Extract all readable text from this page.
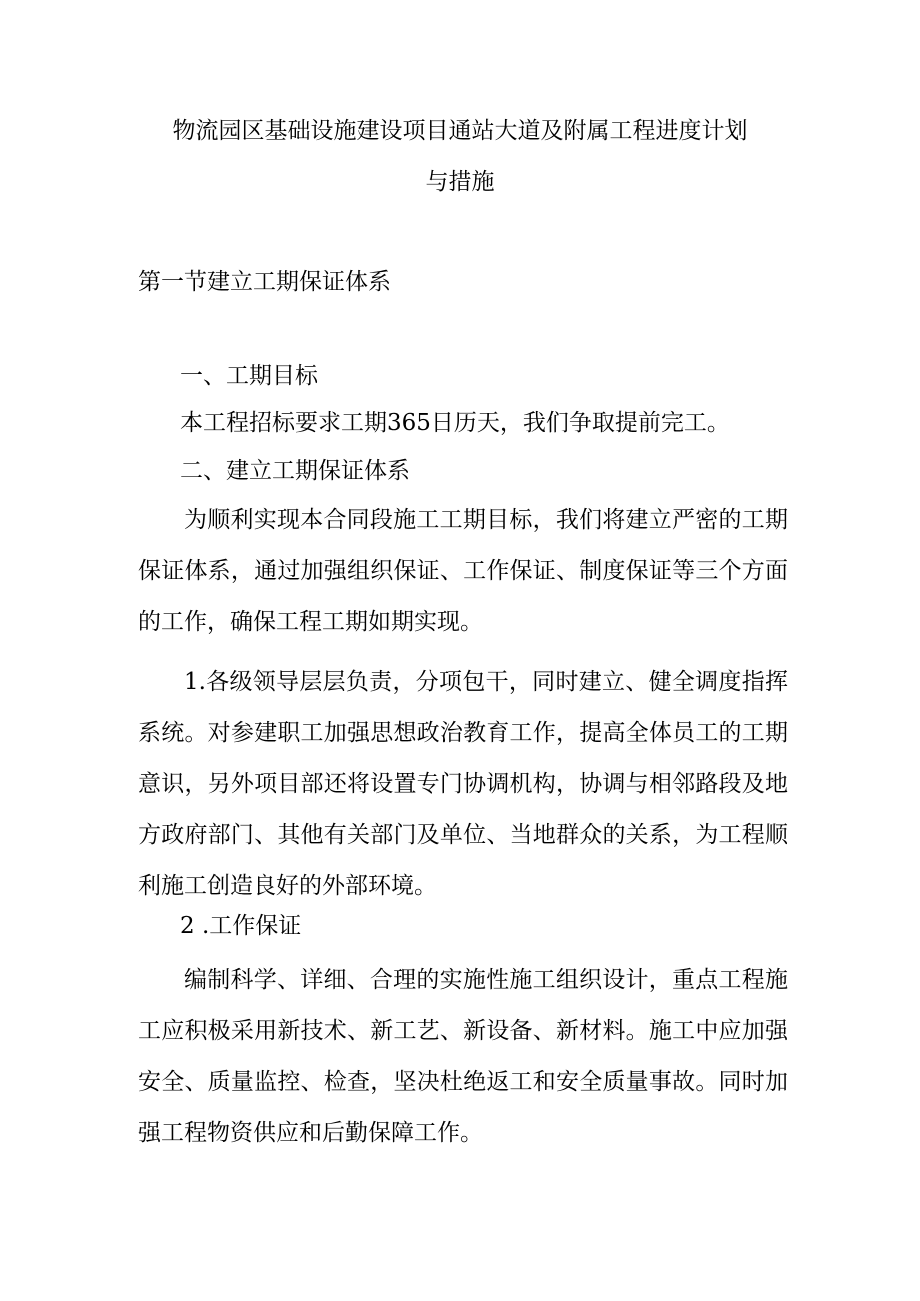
物流园区基础设施建设项目通站大道及附属工程进度计划
与措施
第一节建立工期保证体系
一、工期目标
本工程招标要求工期365日历天，我们争取提前完工。
二、建立工期保证体系
为顺利实现本合同段施工工期目标，我们将建立严密的工期保证体系，通过加强组织保证、工作保证、制度保证等三个方面的工作，确保工程工期如期实现。
1.各级领导层层负责，分项包干，同时建立、健全调度指挥系统。对参建职工加强思想政治教育工作，提高全体员工的工期意识，另外项目部还将设置专门协调机构，协调与相邻路段及地方政府部门、其他有关部门及单位、当地群众的关系，为工程顺利施工创造良好的外部环境。
2 .工作保证
编制科学、详细、合理的实施性施工组织设计，重点工程施工应积极采用新技术、新工艺、新设备、新材料。施工中应加强安全、质量监控、检查，坚决杜绝返工和安全质量事故。同时加强工程物资供应和后勤保障工作。
